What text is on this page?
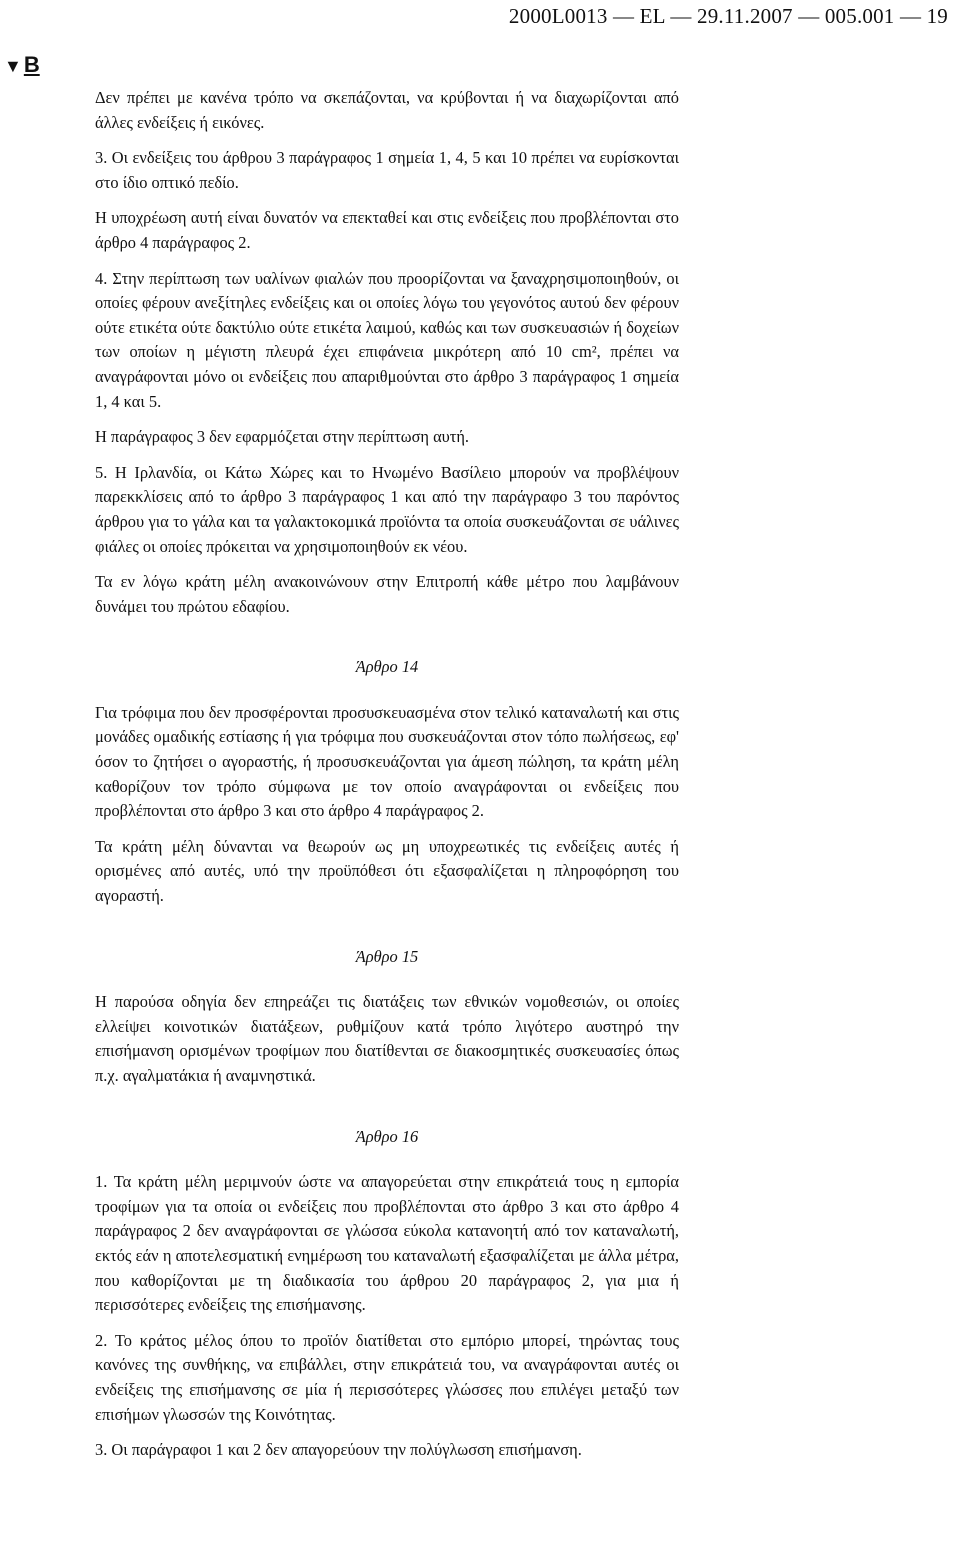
2000L0013 — EL — 29.11.2007 — 005.001 — 19
▼B

Δεν πρέπει με κανένα τρόπο να σκεπάζονται, να κρύβονται ή να διαχωρίζονται από άλλες ενδείξεις ή εικόνες.

3. Οι ενδείξεις του άρθρου 3 παράγραφος 1 σημεία 1, 4, 5 και 10 πρέπει να ευρίσκονται στο ίδιο οπτικό πεδίο.

Η υποχρέωση αυτή είναι δυνατόν να επεκταθεί και στις ενδείξεις που προβλέπονται στο άρθρο 4 παράγραφος 2.

4. Στην περίπτωση των υαλίνων φιαλών που προορίζονται να ξαναχρησιμοποιηθούν, οι οποίες φέρουν ανεξίτηλες ενδείξεις και οι οποίες λόγω του γεγονότος αυτού δεν φέρουν ούτε ετικέτα ούτε δακτύλιο ούτε ετικέτα λαιμού, καθώς και των συσκευασιών ή δοχείων των οποίων η μέγιστη πλευρά έχει επιφάνεια μικρότερη από 10 cm², πρέπει να αναγράφονται μόνο οι ενδείξεις που απαριθμούνται στο άρθρο 3 παράγραφος 1 σημεία 1, 4 και 5.

Η παράγραφος 3 δεν εφαρμόζεται στην περίπτωση αυτή.

5. Η Ιρλανδία, οι Κάτω Χώρες και το Ηνωμένο Βασίλειο μπορούν να προβλέψουν παρεκκλίσεις από το άρθρο 3 παράγραφος 1 και από την παράγραφο 3 του παρόντος άρθρου για το γάλα και τα γαλακτοκομικά προϊόντα τα οποία συσκευάζονται σε υάλινες φιάλες οι οποίες πρόκειται να χρησιμοποιηθούν εκ νέου.

Τα εν λόγω κράτη μέλη ανακοινώνουν στην Επιτροπή κάθε μέτρο που λαμβάνουν δυνάμει του πρώτου εδαφίου.

Άρθρο 14

Για τρόφιμα που δεν προσφέρονται προσυσκευασμένα στον τελικό καταναλωτή και στις μονάδες ομαδικής εστίασης ή για τρόφιμα που συσκευάζονται στον τόπο πωλήσεως, εφ' όσον το ζητήσει ο αγοραστής, ή προσυσκευάζονται για άμεση πώληση, τα κράτη μέλη καθορίζουν τον τρόπο σύμφωνα με τον οποίο αναγράφονται οι ενδείξεις που προβλέπονται στο άρθρο 3 και στο άρθρο 4 παράγραφος 2.

Τα κράτη μέλη δύνανται να θεωρούν ως μη υποχρεωτικές τις ενδείξεις αυτές ή ορισμένες από αυτές, υπό την προϋπόθεσι ότι εξασφαλίζεται η πληροφόρηση του αγοραστή.

Άρθρο 15

Η παρούσα οδηγία δεν επηρεάζει τις διατάξεις των εθνικών νομοθεσιών, οι οποίες ελλείψει κοινοτικών διατάξεων, ρυθμίζουν κατά τρόπο λιγότερο αυστηρό την επισήμανση ορισμένων τροφίμων που διατίθενται σε διακοσμητικές συσκευασίες όπως π.χ. αγαλματάκια ή αναμνηστικά.

Άρθρο 16

1. Τα κράτη μέλη μεριμνούν ώστε να απαγορεύεται στην επικράτειά τους η εμπορία τροφίμων για τα οποία οι ενδείξεις που προβλέπονται στο άρθρο 3 και στο άρθρο 4 παράγραφος 2 δεν αναγράφονται σε γλώσσα εύκολα κατανοητή από τον καταναλωτή, εκτός εάν η αποτελεσματική ενημέρωση του καταναλωτή εξασφαλίζεται με άλλα μέτρα, που καθορίζονται με τη διαδικασία του άρθρου 20 παράγραφος 2, για μια ή περισσότερες ενδείξεις της επισήμανσης.

2. Το κράτος μέλος όπου το προϊόν διατίθεται στο εμπόριο μπορεί, τηρώντας τους κανόνες της συνθήκης, να επιβάλλει, στην επικράτειά του, να αναγράφονται αυτές οι ενδείξεις της επισήμανσης σε μία ή περισσότερες γλώσσες που επιλέγει μεταξύ των επισήμων γλωσσών της Κοινότητας.

3. Οι παράγραφοι 1 και 2 δεν απαγορεύουν την πολύγλωσση επισήμανση.
